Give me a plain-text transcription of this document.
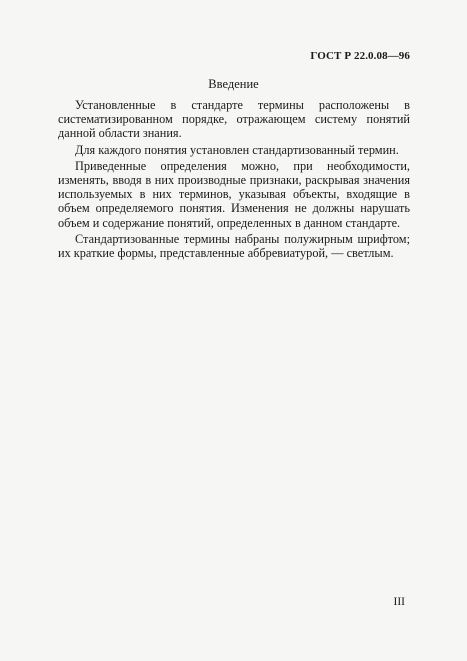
ГОСТ Р 22.0.08—96
Введение

Установленные в стандарте термины расположены в систематизированном порядке, отражающем систему понятий данной области знания.

Для каждого понятия установлен стандартизованный термин.

Приведенные определения можно, при необходимости, изменять, вводя в них производные признаки, раскрывая значения используемых в них терминов, указывая объекты, входящие в объем определяемого понятия. Изменения не должны нарушать объем и содержание понятий, определенных в данном стандарте.

Стандартизованные термины набраны полужирным шрифтом; их краткие формы, представленные аббревиатурой, — светлым.

III
